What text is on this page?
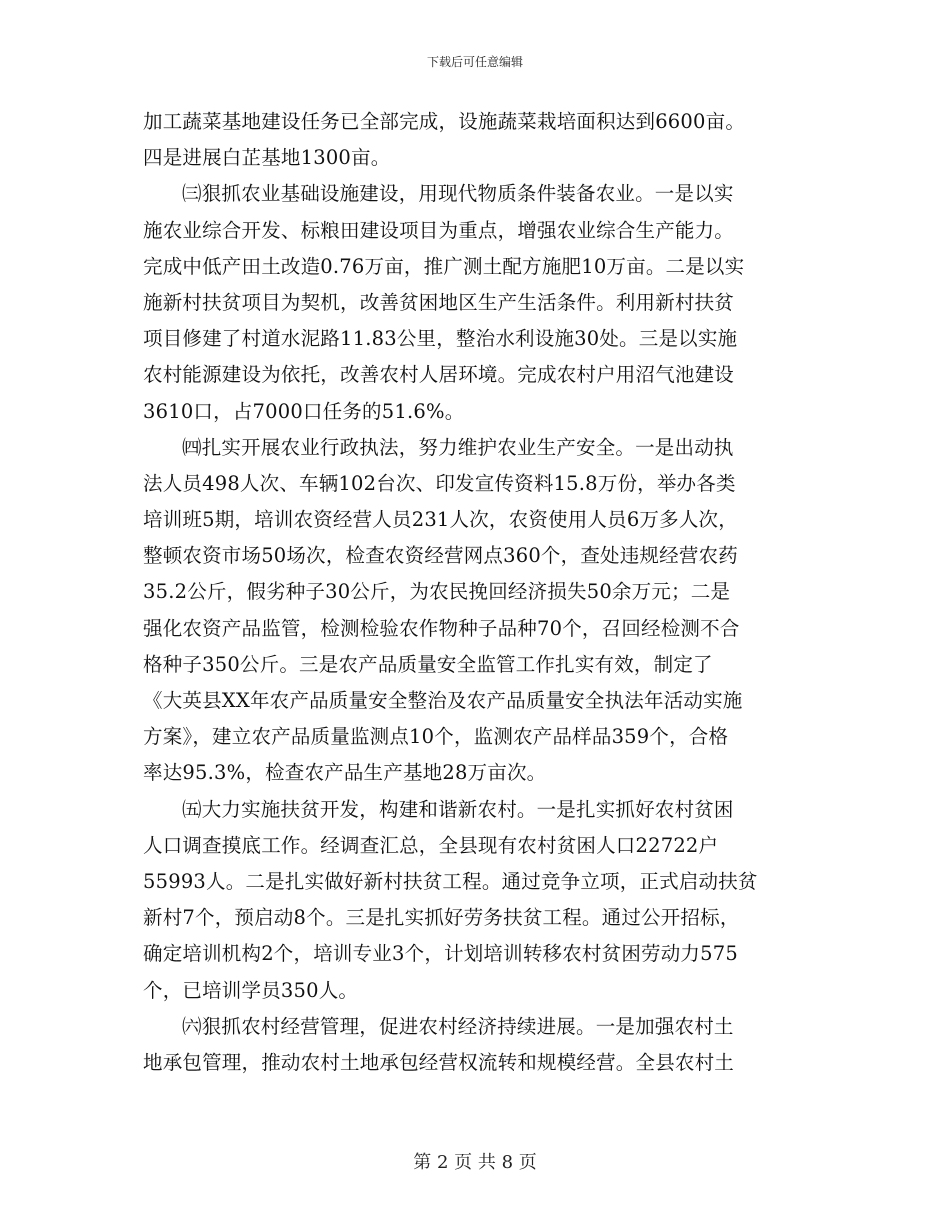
下载后可任意编辑
加工蔬菜基地建设任务已全部完成，设施蔬菜栽培面积达到6600亩。
四是进展白芷基地1300亩。
㈢狠抓农业基础设施建设，用现代物质条件装备农业。一是以实
施农业综合开发、标粮田建设项目为重点，增强农业综合生产能力。
完成中低产田土改造0.76万亩，推广测土配方施肥10万亩。二是以实
施新村扶贫项目为契机，改善贫困地区生产生活条件。利用新村扶贫
项目修建了村道水泥路11.83公里，整治水利设施30处。三是以实施
农村能源建设为依托，改善农村人居环境。完成农村户用沼气池建设
3610口，占7000口任务的51.6%。
㈣扎实开展农业行政执法，努力维护农业生产安全。一是出动执
法人员498人次、车辆102台次、印发宣传资料15.8万份，举办各类
培训班5期，培训农资经营人员231人次，农资使用人员6万多人次，
整顿农资市场50场次，检查农资经营网点360个，查处违规经营农药
35.2公斤，假劣种子30公斤，为农民挽回经济损失50余万元；二是
强化农资产品监管，检测检验农作物种子品种70个，召回经检测不合
格种子350公斤。三是农产品质量安全监管工作扎实有效，制定了
《大英县XX年农产品质量安全整治及农产品质量安全执法年活动实施
方案》，建立农产品质量监测点10个，监测农产品样品359个，合格
率达95.3%，检查农产品生产基地28万亩次。
㈤大力实施扶贫开发，构建和谐新农村。一是扎实抓好农村贫困
人口调查摸底工作。经调查汇总，全县现有农村贫困人口22722户
55993人。二是扎实做好新村扶贫工程。通过竞争立项，正式启动扶贫
新村7个，预启动8个。三是扎实抓好劳务扶贫工程。通过公开招标，
确定培训机构2个，培训专业3个，计划培训转移农村贫困劳动力575
个，已培训学员350人。
㈥狠抓农村经营管理，促进农村经济持续进展。一是加强农村土
地承包管理，推动农村土地承包经营权流转和规模经营。全县农村土
第 2 页 共 8 页
